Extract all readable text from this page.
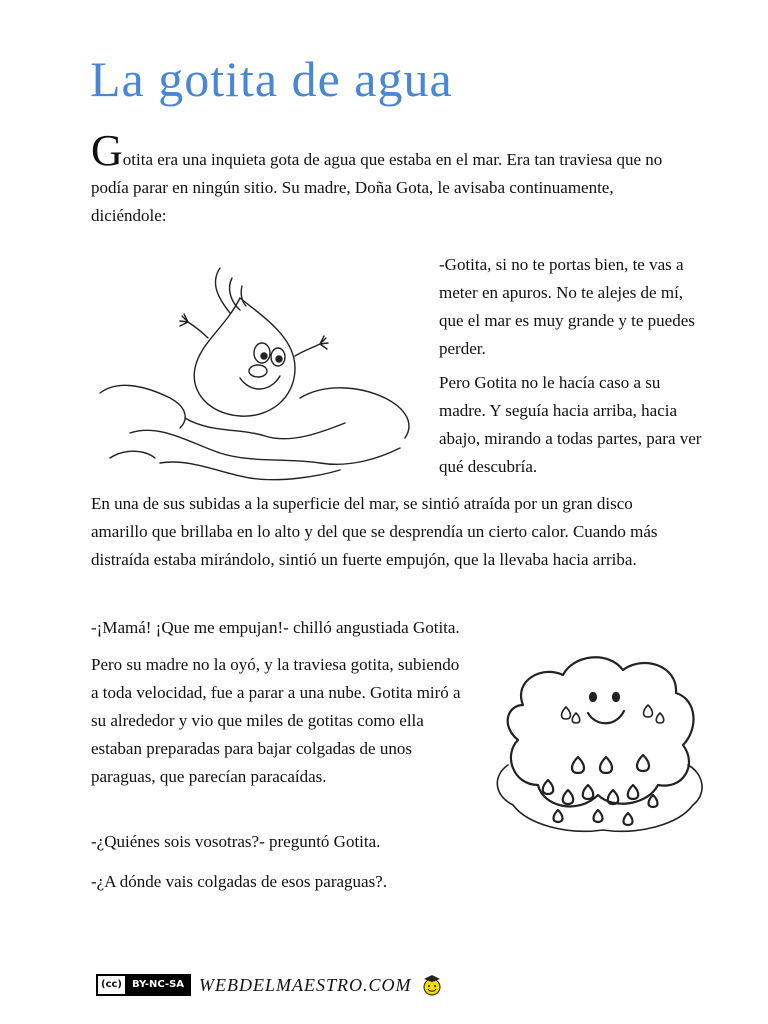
La gotita de agua

Gotita era una inquieta gota de agua que estaba en el mar. Era tan traviesa que no podía parar en ningún sitio. Su madre, Doña Gota, le avisaba continuamente, diciéndole:

-Gotita, si no te portas bien, te vas a meter en apuros. No te alejes de mí, que el mar es muy grande y te puedes perder.

Pero Gotita no le hacía caso a su madre. Y seguía hacia arriba, hacia abajo, mirando a todas partes, para ver qué descubría.

En una de sus subidas a la superficie del mar, se sintió atraída por un gran disco amarillo que brillaba en lo alto y del que se desprendía un cierto calor. Cuando más distraída estaba mirándolo, sintió un fuerte empujón, que la llevaba hacia arriba.

-¡Mamá! ¡Que me empujan!- chilló angustiada Gotita.

Pero su madre no la oyó, y la traviesa gotita, subiendo a toda velocidad, fue a parar a una nube. Gotita miró a su alrededor y vio que miles de gotitas como ella estaban preparadas para bajar colgadas de unos paraguas, que parecían paracaídas.

-¿Quiénes sois vosotras?- preguntó Gotita.

-¿A dónde vais colgadas de esos paraguas?.

(cc)	BY-NC-SA WEBDELMAESTRO.COM
